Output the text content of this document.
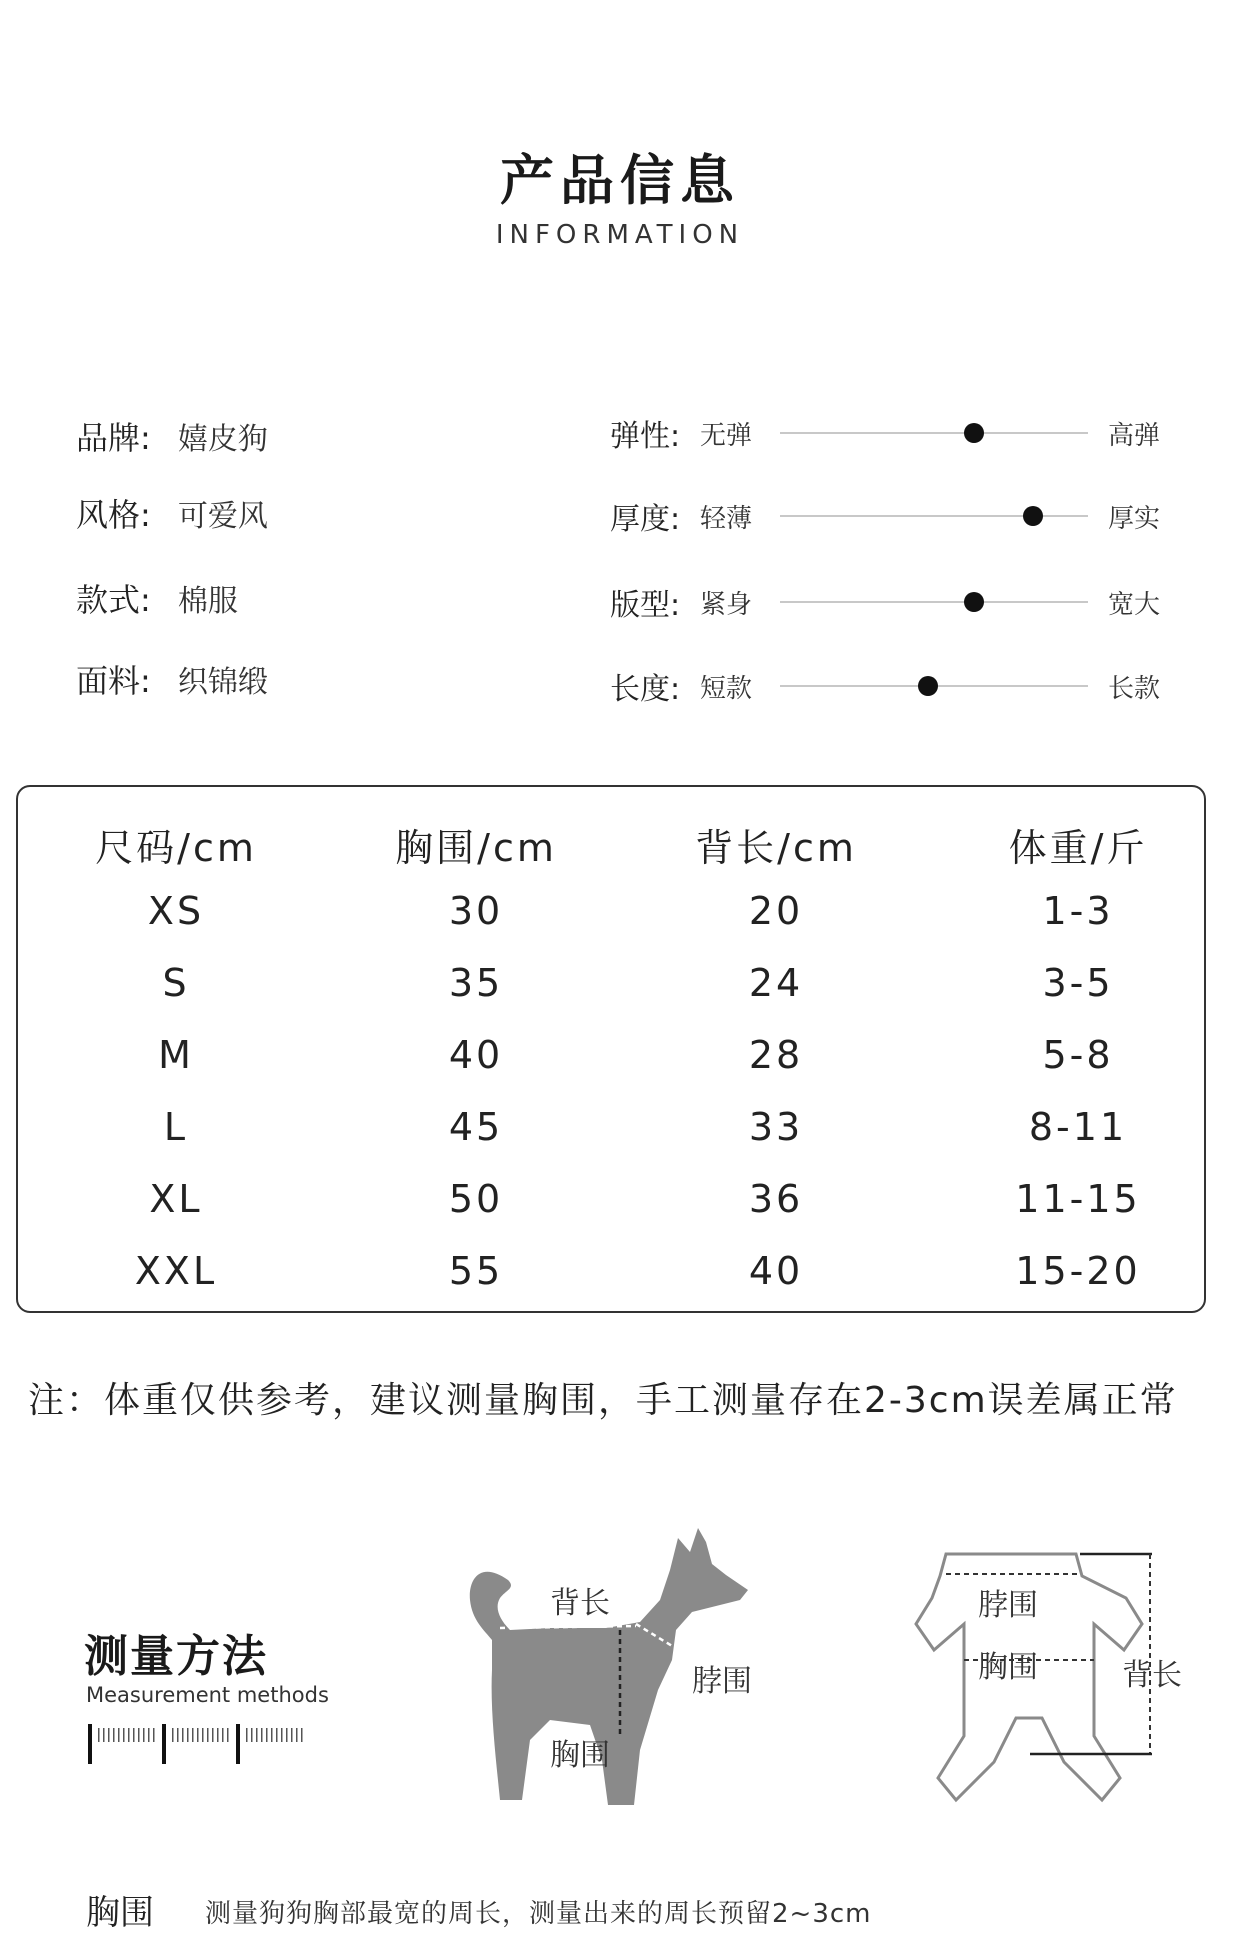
产品信息
INFORMATION
品牌: 嬉皮狗
风格: 可爱风
款式: 棉服
面料: 织锦缎
弹性: 无弹	高弹
厚度: 轻薄	厚实
版型: 紧身	宽大
长度: 短款	长款
尺码/cm	胸围/cm	背长/cm	体重/斤
XS	30	20	1-3
S	35	24	3-5
M	40	28	5-8
L	45	33	8-11
XL	50	36	11-15
XXL	55	40	15-20
注：体重仅供参考，建议测量胸围，手工测量存在2-3cm误差属正常
测量方法
Measurement methods
背长
脖围
胸围
脖围
胸围	背长
胸围 测量狗狗胸部最宽的周长，测量出来的周长预留2~3cm
